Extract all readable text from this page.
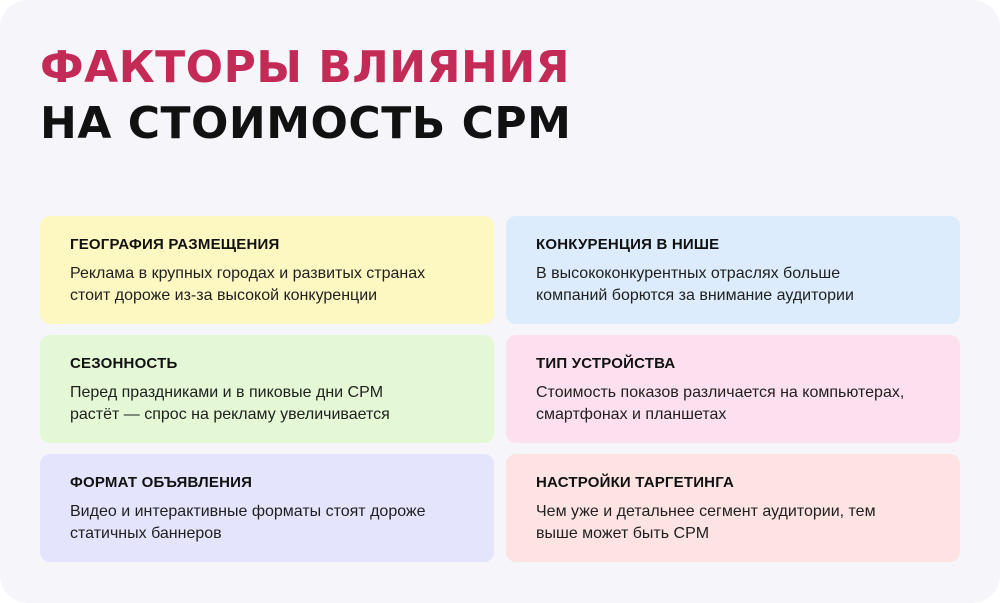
ФАКТОРЫ ВЛИЯНИЯ
НА СТОИМОСТЬ CPM

ГЕОГРАФИЯ РАЗМЕЩЕНИЯ

Реклама в крупных городах и развитых странах
стоит дороже из-за высокой конкуренции

КОНКУРЕНЦИЯ В НИШЕ

В высококонкурентных отраслях больше
компаний борются за внимание аудитории

СЕЗОННОСТЬ

Перед праздниками и в пиковые дни CPM
растёт — спрос на рекламу увеличивается

ТИП УСТРОЙСТВА

Стоимость показов различается на компьютерах,
смартфонах и планшетах

ФОРМАТ ОБЪЯВЛЕНИЯ

Видео и интерактивные форматы стоят дороже
статичных баннеров

НАСТРОЙКИ ТАРГЕТИНГА

Чем уже и детальнее сегмент аудитории, тем
выше может быть CPM
